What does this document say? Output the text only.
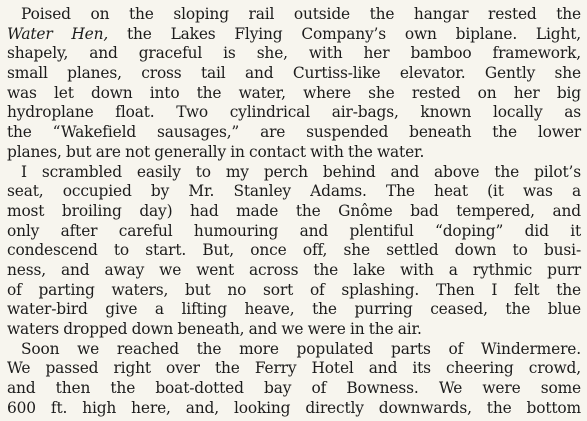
Poised on the sloping rail outside the hangar rested the
Water Hen, the Lakes Flying Company’s own biplane. Light,
shapely, and graceful is she, with her bamboo framework,
small planes, cross tail and Curtiss-like elevator. Gently she
was let down into the water, where she rested on her big
hydroplane float. Two cylindrical air-bags, known locally as
the “Wakefield sausages,” are suspended beneath the lower
planes, but are not generally in contact with the water.
I scrambled easily to my perch behind and above the pilot’s
seat, occupied by Mr. Stanley Adams. The heat (it was a
most broiling day) had made the Gnôme bad tempered, and
only after careful humouring and plentiful “doping” did it
condescend to start. But, once off, she settled down to busi-
ness, and away we went across the lake with a rythmic purr
of parting waters, but no sort of splashing. Then I felt the
water-bird give a lifting heave, the purring ceased, the blue
waters dropped down beneath, and we were in the air.
Soon we reached the more populated parts of Windermere.
We passed right over the Ferry Hotel and its cheering crowd,
and then the boat-dotted bay of Bowness. We were some
600 ft. high here, and, looking directly downwards, the bottom
